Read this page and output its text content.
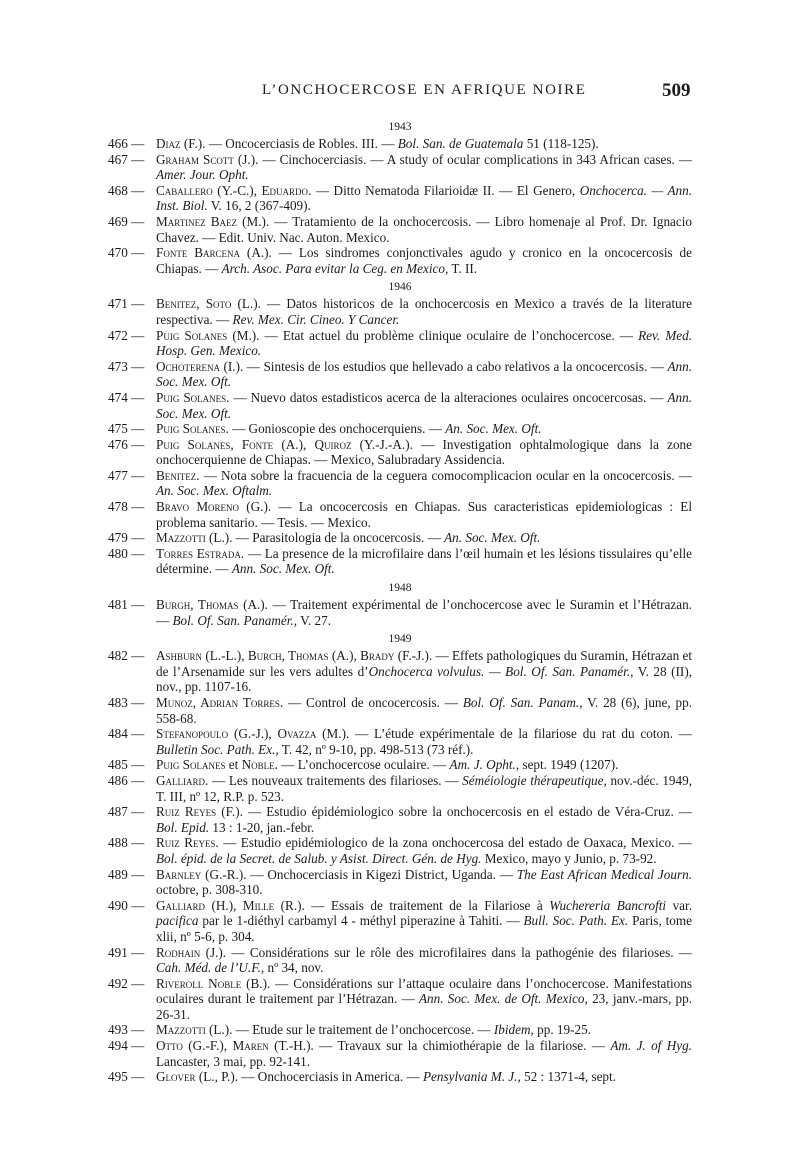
L’ONCHOCERCOSE EN AFRIQUE NOIRE	509
1943
466 — Diaz (F.). — Oncocerciasis de Robles. III. — Bol. San. de Guatemala 51 (118-125).
467 — Graham Scott (J.). — Cinchocerciasis. — A study of ocular complications in 343 African cases. — Amer. Jour. Opht.
468 — Caballero (Y.-C.), Eduardo. — Ditto Nematoda Filarioidæ II. — El Genero, Onchocerca. — Ann. Inst. Biol. V. 16, 2 (367-409).
469 — Martinez Baez (M.). — Tratamiento de la onchocercosis. — Libro homenaje al Prof. Dr. Ignacio Chavez. — Edit. Univ. Nac. Auton. Mexico.
470 — Fonte Barcena (A.). — Los sindromes conjonctivales agudo y cronico en la oncocercosis de Chiapas. — Arch. Asoc. Para evitar la Ceg. en Mexico, T. II.
1946
471 — Benitez, Soto (L.). — Datos historicos de la onchocercosis en Mexico a través de la literature respectiva. — Rev. Mex. Cir. Cineo. Y Cancer.
472 — Puig Solanes (M.). — Etat actuel du problème clinique oculaire de l’onchocercose. — Rev. Med. Hosp. Gen. Mexico.
473 — Ochoterena (I.). — Sintesis de los estudios que hellevado a cabo relativos a la oncocercosis. — Ann. Soc. Mex. Oft.
474 — Puig Solanes. — Nuevo datos estadisticos acerca de la alteraciones oculaires oncocercosas. — Ann. Soc. Mex. Oft.
475 — Puig Solanes. — Gonioscopie des onchocerquiens. — An. Soc. Mex. Oft.
476 — Puig Solanes, Fonte (A.), Quiroz (Y.-J.-A.). — Investigation ophtalmologique dans la zone onchocerquienne de Chiapas. — Mexico, Salubradary Assidencia.
477 — Benitez. — Nota sobre la fracuencia de la ceguera comocomplicacion ocular en la oncocercosis. — An. Soc. Mex. Oftalm.
478 — Bravo Moreno (G.). — La oncocercosis en Chiapas. Sus caracteristicas epidemiologicas : El problema sanitario. — Tesis. — Mexico.
479 — Mazzotti (L.). — Parasitologia de la oncocercosis. — An. Soc. Mex. Oft.
480 — Torres Estrada. — La presence de la microfilaire dans l’œil humain et les lésions tissulaires qu’elle détermine. — Ann. Soc. Mex. Oft.
1948
481 — Burgh, Thomas (A.). — Traitement expérimental de l’onchocercose avec le Suramin et l’Hétrazan. — Bol. Of. San. Panamér., V. 27.
1949
482 — Ashburn (L.-L.), Burch, Thomas (A.), Brady (F.-J.). — Effets pathologiques du Suramin, Hétrazan et de l’Arsenamide sur les vers adultes d’Onchocerca volvulus. — Bol. Of. San. Panamér., V. 28 (II), nov., pp. 1107-16.
483 — Munoz, Adrian Torres. — Control de oncocercosis. — Bol. Of. San. Panam., V. 28 (6), june, pp. 558-68.
484 — Stefanopoulo (G.-J.), Ovazza (M.). — L’étude expérimentale de la filariose du rat du coton. — Bulletin Soc. Path. Ex., T. 42, nº 9-10, pp. 498-513 (73 réf.).
485 — Puig Solanes et Noble. — L’onchocercose oculaire. — Am. J. Opht., sept. 1949 (1207).
486 — Galliard. — Les nouveaux traitements des filarioses. — Séméiologie thérapeutique, nov.-déc. 1949, T. III, nº 12, R.P. p. 523.
487 — Ruiz Reyes (F.). — Estudio épidémiologico sobre la onchocercosis en el estado de Véra-Cruz. — Bol. Epid. 13 : 1-20, jan.-febr.
488 — Ruiz Reyes. — Estudio epidémiologico de la zona onchocercosa del estado de Oaxaca, Mexico. — Bol. épid. de la Secret. de Salub. y Asist. Direct. Gén. de Hyg. Mexico, mayo y Junio, p. 73-92.
489 — Barnley (G.-R.). — Onchocerciasis in Kigezi District, Uganda. — The East African Medical Journ. octobre, p. 308-310.
490 — Galliard (H.), Mille (R.). — Essais de traitement de la Filariose à Wuchereria Bancrofti var. pacifica par le 1-diéthyl carbamyl 4 - méthyl piperazine à Tahiti. — Bull. Soc. Path. Ex. Paris, tome xlii, nº 5-6, p. 304.
491 — Rodhain (J.). — Considérations sur le rôle des microfilaires dans la pathogénie des filarioses. — Cah. Méd. de l’U.F., nº 34, nov.
492 — Riveroll Noble (B.). — Considérations sur l’attaque oculaire dans l’onchocercose. Manifestations oculaires durant le traitement par l’Hétrazan. — Ann. Soc. Mex. de Oft. Mexico, 23, janv.-mars, pp. 26-31.
493 — Mazzotti (L.). — Etude sur le traitement de l’onchocercose. — Ibidem, pp. 19-25.
494 — Otto (G.-F.), Maren (T.-H.). — Travaux sur la chimiothérapie de la filariose. — Am. J. of Hyg. Lancaster, 3 mai, pp. 92-141.
495 — Glover (L., P.). — Onchocerciasis in America. — Pensylvania M. J., 52 : 1371-4, sept.
